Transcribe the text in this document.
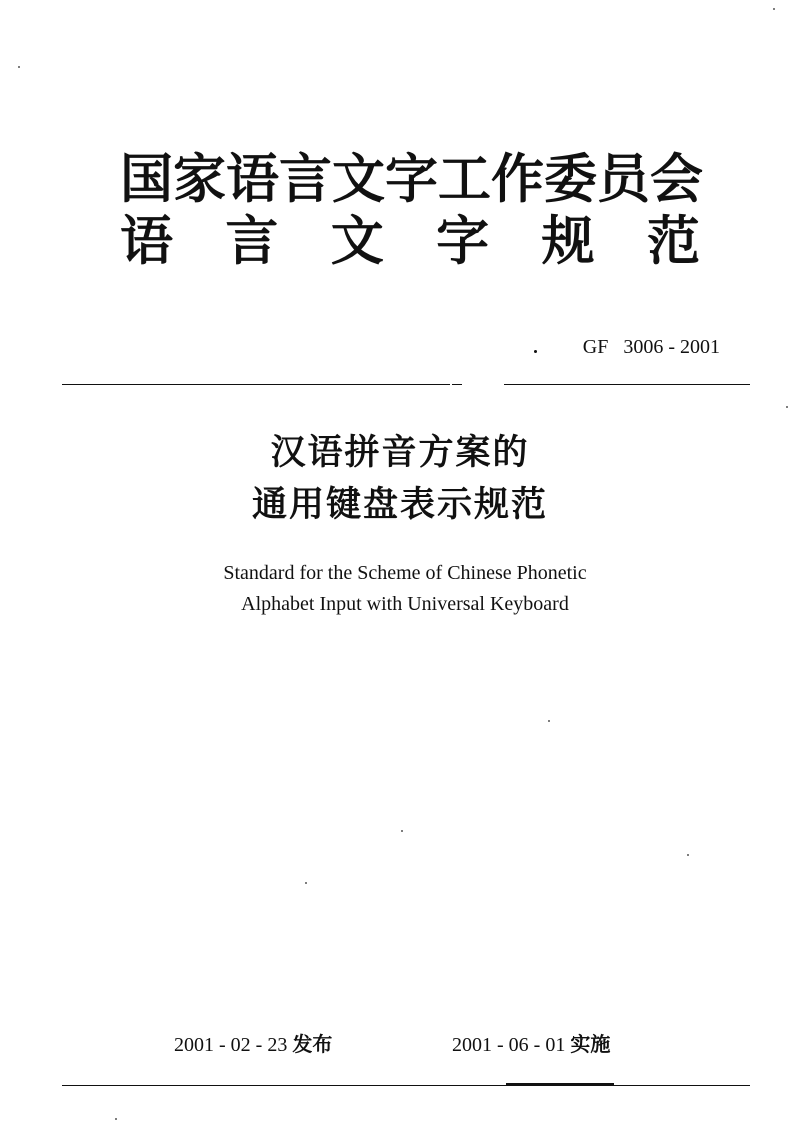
国家语言文字工作委员会
语 言 文 字 规 范
GF   3006 - 2001
汉语拼音方案的
通用键盘表示规范
Standard for the Scheme of Chinese Phonetic
Alphabet Input with Universal Keyboard
2001 - 02 - 23 发布	2001 - 06 - 01 实施
